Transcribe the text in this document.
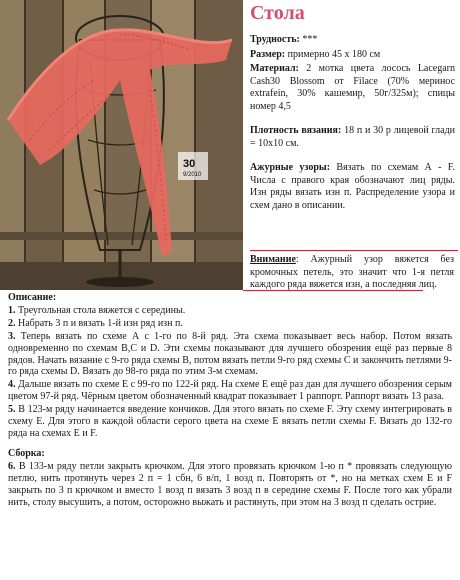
30
9/2010
Стола

Трудность: ***

Размер: примерно 45 х 180 см

Материал: 2 мотка цвета лосось Lacegarn Cash30 Blossom от Filace (70% меринос extrafein, 30% кашемир, 50г/325м); спицы номер 4,5

Плотность вязания: 18 п и 30 р лицевой глади = 10х10 см.

Ажурные узоры: Вязать по схемам А - F. Числа с правого края обозначают лиц ряды. Изн ряды вязать изн п. Распределение узора и схем дано в описании.

Внимание: Ажурный узор вяжется без кромочных петель, это значит что 1-я петля каждого ряда вяжется изн, а последняя лиц.
Описание:

1. Треугольная стола вяжется с середины.

2. Набрать 3 п и вязать 1-й изн ряд изн п.

3. Теперь вязать по схеме А с 1-го по 8-й ряд. Эта схема показывает весь набор. Потом вязать одновременно по схемам B,C и D. Эти схемы показывают для лучшего обозрения ещё раз первые 8 рядов. Начать вязание с 9-го ряда схемы B, потом вязать петли 9-го ряд схемы C и закончить петлями 9-го ряда схемы D. Вязать до 98-го ряда по этим 3-м схемам.

4. Дальше вязать по схеме E с 99-го по 122-й ряд. На схеме E ещё раз дан для лучшего обозрения серым цветом 97-й ряд. Чёрным цветом обозначенный квадрат показывает 1 раппорт. Раппорт вязать 13 раза.

5. В 123-м ряду начинается введение кончиков. Для этого вязать по схеме F. Эту схему интегрировать в схему E. Для этого в каждой области серого цвета на схеме E вязать петли схемы F. Вязать до 132-го ряда на схемах E и F.

Сборка:

6. В 133-м ряду петли закрыть крючком. Для этого провязать крючком 1-ю п * провязать следующую петлю, нить протянуть через 2 п = 1 сбн, 6 в/п, 1 возд п. Повторять от *, но на метках схем E и F закрыть по 3 п крючком и вместо 1 возд п вязать 3 возд п в середине схемы F. После того как убрали нить, столу высушить, а потом, осторожно выжать и растянуть, при этом на 3 возд п сделать острие.
